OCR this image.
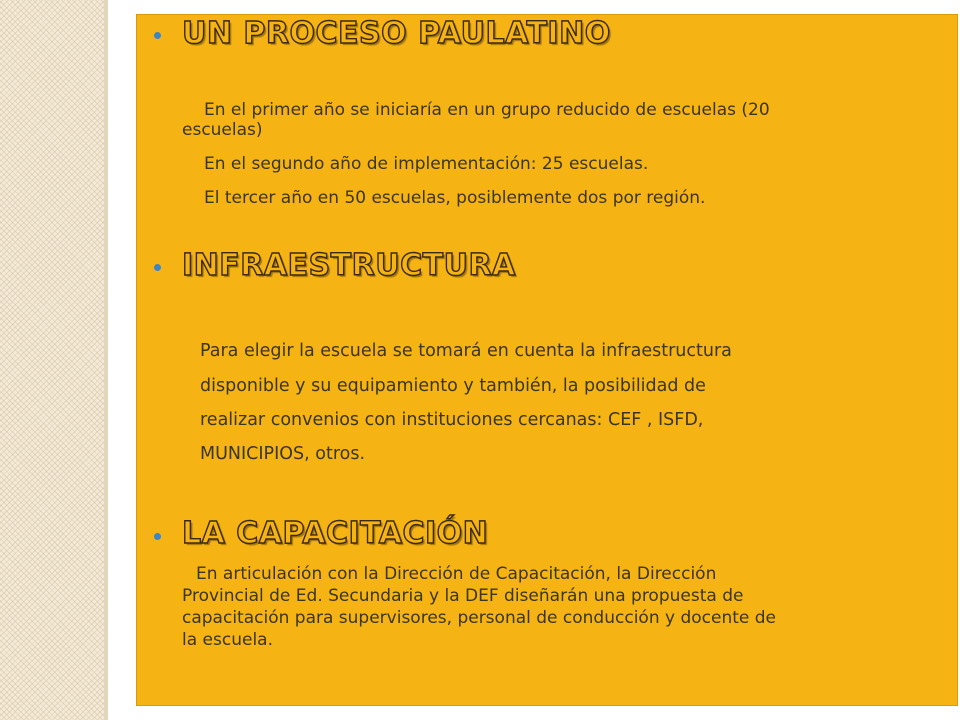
UN PROCESO PAULATINO
En el primer año se iniciaría en un grupo reducido de escuelas (20
escuelas)
En el segundo año de implementación: 25 escuelas.
El tercer año en 50 escuelas, posiblemente dos por región.
INFRAESTRUCTURA
Para elegir la escuela se tomará en cuenta la infraestructura
disponible y su equipamiento y también, la posibilidad de
realizar convenios con instituciones cercanas: CEF , ISFD,
MUNICIPIOS, otros.
LA CAPACITACIÓN
En articulación con la Dirección de Capacitación, la Dirección
Provincial de Ed. Secundaria y la DEF diseñarán una propuesta de
capacitación para supervisores, personal de conducción y docente de
la escuela.
